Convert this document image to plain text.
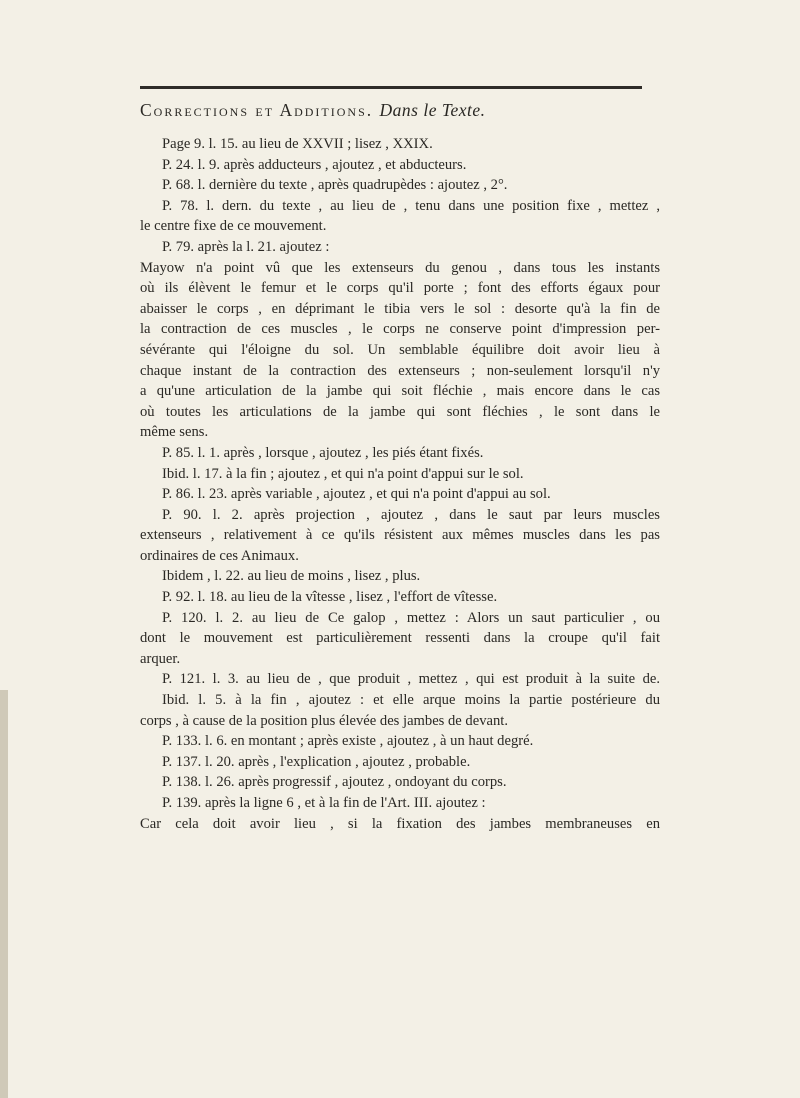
Corrections et Additions. Dans le Texte.
Page 9. l. 15. au lieu de XXVII ; lisez , XXIX.
P. 24. l. 9. après adducteurs , ajoutez , et abducteurs.
P. 68. l. dernière du texte , après quadrupèdes : ajoutez , 2°.
P. 78. l. dern. du texte , au lieu de , tenu dans une position fixe , mettez ,
le centre fixe de ce mouvement.
P. 79. après la l. 21. ajoutez :
Mayow n'a point vû que les extenseurs du genou , dans tous les instants
où ils élèvent le femur et le corps qu'il porte ; font des efforts égaux pour
abaisser le corps , en déprimant le tibia vers le sol : desorte qu'à la fin de
la contraction de ces muscles , le corps ne conserve point d'impression per-
sévérante qui l'éloigne du sol. Un semblable équilibre doit avoir lieu à
chaque instant de la contraction des extenseurs ; non-seulement lorsqu'il n'y
a qu'une articulation de la jambe qui soit fléchie , mais encore dans le cas
où toutes les articulations de la jambe qui sont fléchies , le sont dans le
même sens.
P. 85. l. 1. après , lorsque , ajoutez , les piés étant fixés.
Ibid. l. 17. à la fin ; ajoutez , et qui n'a point d'appui sur le sol.
P. 86. l. 23. après variable , ajoutez , et qui n'a point d'appui au sol.
P. 90. l. 2. après projection , ajoutez , dans le saut par leurs muscles
extenseurs , relativement à ce qu'ils résistent aux mêmes muscles dans les pas
ordinaires de ces Animaux.
Ibidem , l. 22. au lieu de moins , lisez , plus.
P. 92. l. 18. au lieu de la vîtesse , lisez , l'effort de vîtesse.
P. 120. l. 2. au lieu de Ce galop , mettez : Alors un saut particulier , ou
dont le mouvement est particulièrement ressenti dans la croupe qu'il fait
arquer.
P. 121. l. 3. au lieu de , que produit , mettez , qui est produit à la suite de.
Ibid. l. 5. à la fin , ajoutez : et elle arque moins la partie postérieure du
corps , à cause de la position plus élevée des jambes de devant.
P. 133. l. 6. en montant ; après existe , ajoutez , à un haut degré.
P. 137. l. 20. après , l'explication , ajoutez , probable.
P. 138. l. 26. après progressif , ajoutez , ondoyant du corps.
P. 139. après la ligne 6 , et à la fin de l'Art. III. ajoutez :
Car cela doit avoir lieu , si la fixation des jambes membraneuses en
